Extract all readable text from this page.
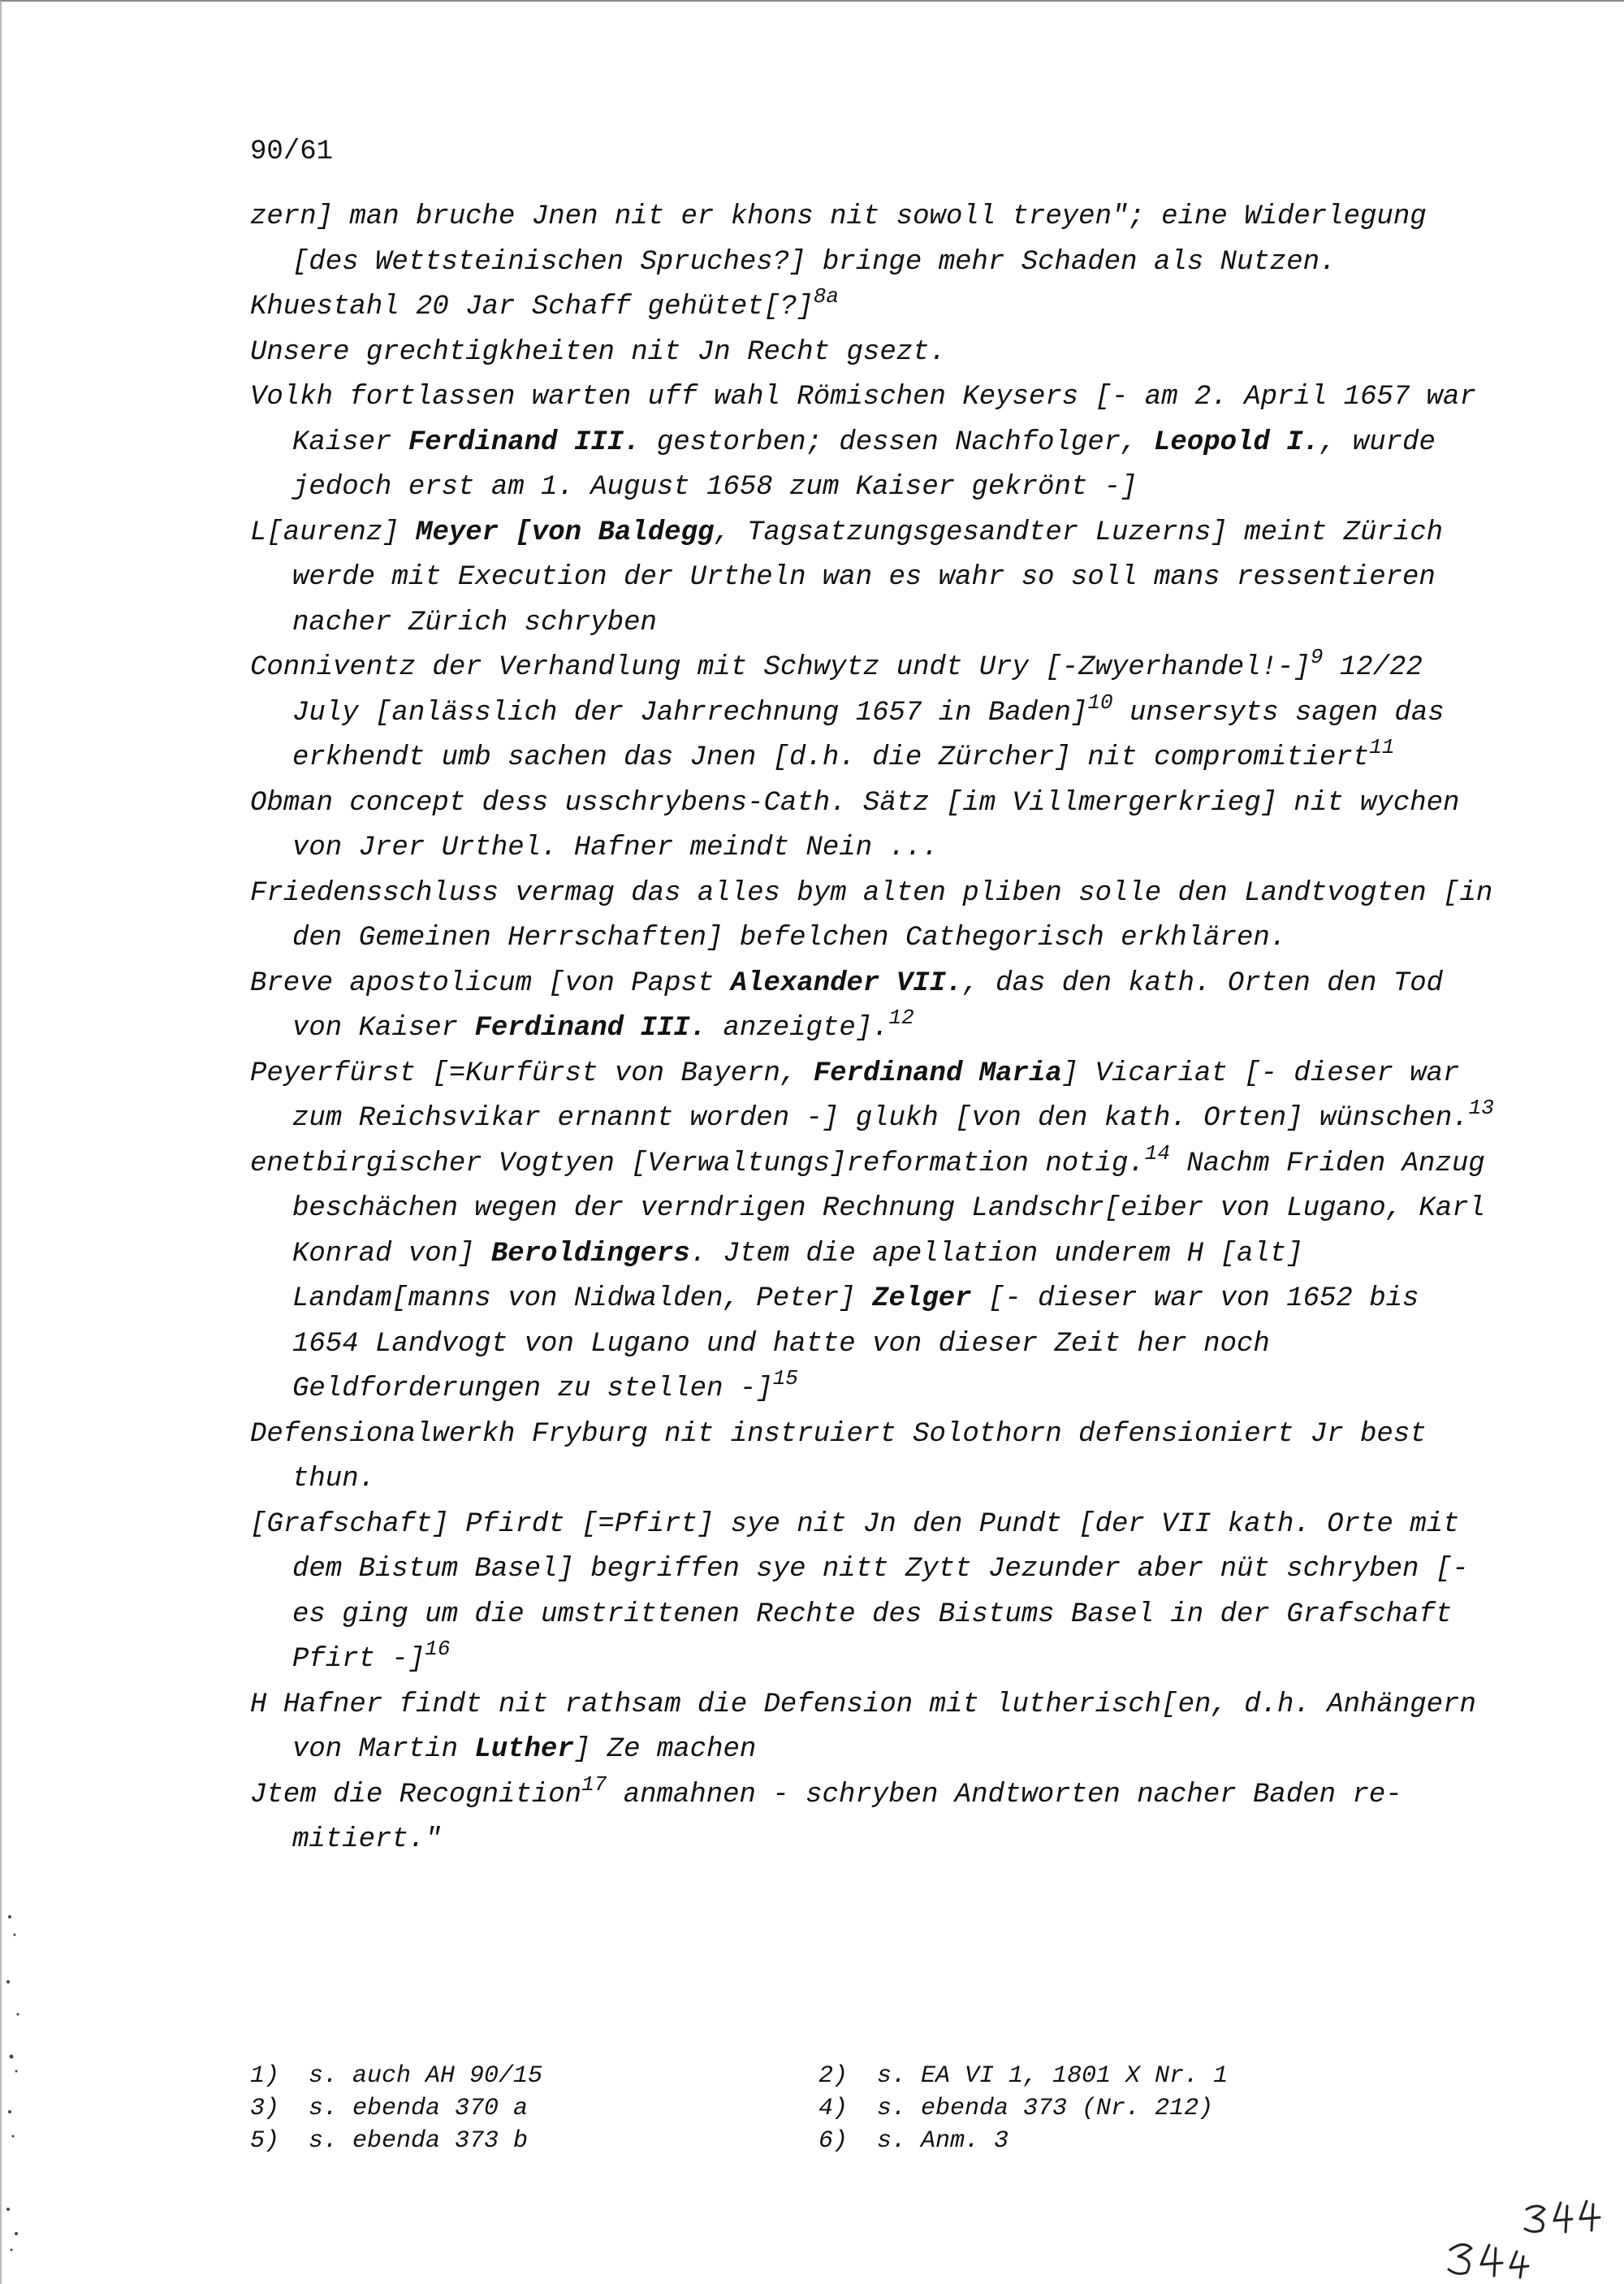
90/61
zern] man bruche Jnen nit er khons nit sowoll treyen"; eine Widerlegung [des Wettsteinischen Spruches?] bringe mehr Schaden als Nutzen.
Khuestahl 20 Jar Schaff gehütet[?]$^{8a}$
Unsere grechtigkheiten nit Jn Recht gsezt.
Volkh fortlassen warten uff wahl Römischen Keysers [- am 2. April 1657 war Kaiser Ferdinand III. gestorben; dessen Nachfolger, Leopold I., wurde jedoch erst am 1. August 1658 zum Kaiser gekrönt -]
L[aurenz] Meyer [von Baldegg, Tagsatzungsgesandter Luzerns] meint Zürich werde mit Execution der Urtheln wan es wahr so soll mans ressentieren nacher Zürich schryben
Conniventz der Verhandlung mit Schwytz undt Ury [-Zwyerhandel!-]$^9$ 12/22 July [anlässlich der Jahrrechnung 1657 in Baden]$^{10}$ unsersyts sagen das erkhendt umb sachen das Jnen [d.h. die Zürcher] nit compromitiert$^{11}$
Obman concept dess usschrybens-Cath. Sätz [im Villmergerkrieg] nit wychen von Jrer Urthel. Hafner meindt Nein ...
Friedensschluss vermag das alles bym alten pliben solle den Landtvogten [in den Gemeinen Herrschaften] befelchen Cathegorisch erkhlären.
Breve apostolicum [von Papst Alexander VII., das den kath. Orten den Tod von Kaiser Ferdinand III. anzeigte].$^{12}$
Peyerfürst [=Kurfürst von Bayern, Ferdinand Maria] Vicariat [- dieser war zum Reichsvikar ernannt worden -] glukh [von den kath. Orten] wünschen.$^{13}$
enetbirgischer Vogtyen [Verwaltungs]reformation notig.$^{14}$ Nachm Friden Anzug beschächen wegen der verndrigen Rechnung Landschr[eiber von Lugano, Karl Konrad von] Beroldingers. Jtem die apellation underem H [alt] Landam[manns von Nidwalden, Peter] Zelger [- dieser war von 1652 bis 1654 Landvogt von Lugano und hatte von dieser Zeit her noch Geldforderungen zu stellen -]$^{15}$
Defensionalwerkh Fryburg nit instruiert Solothorn defensioniert Jr best thun.
[Grafschaft] Pfirdt [=Pfirt] sye nit Jn den Pundt [der VII kath. Orte mit dem Bistum Basel] begriffen sye nitt Zytt Jezunder aber nüt schryben [- es ging um die umstrittenen Rechte des Bistums Basel in der Grafschaft Pfirt -]$^{16}$
H Hafner findt nit rathsam die Defension mit lutherisch[en, d.h. Anhängern von Martin Luther] Ze machen
Jtem die Recognition$^{17}$ anmahnen - schryben Andtworten nacher Baden remitiert."
1)  s. auch AH 90/15	2)  s. EA VI 1, 1801 X Nr. 1
3)  s. ebenda 370 a	4)  s. ebenda 373 (Nr. 212)
5)  s. ebenda 373 b	6)  s. Anm. 3
